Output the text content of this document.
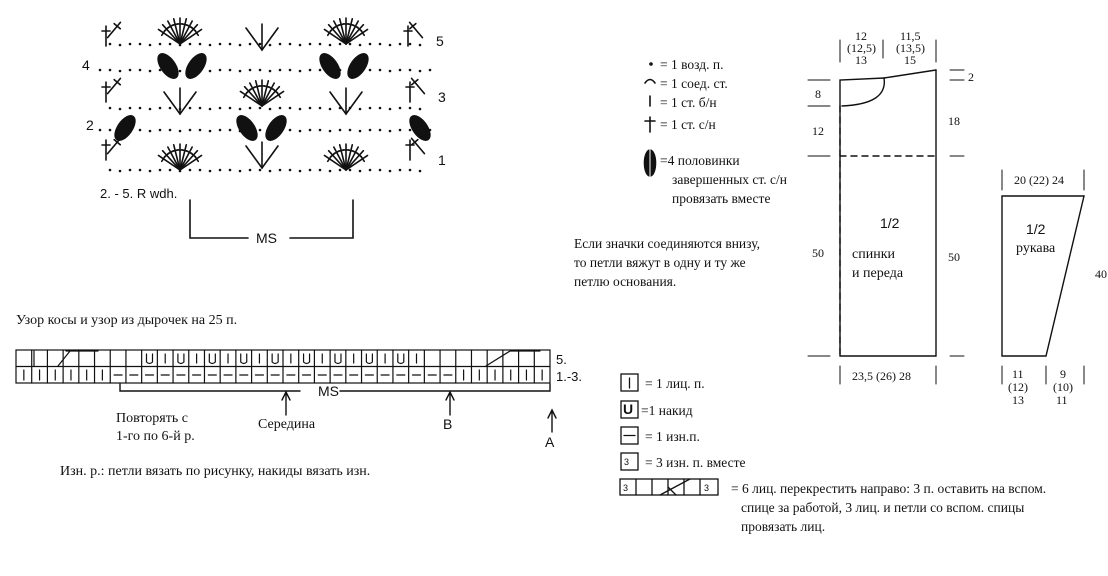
4
2
5
3
1
2. - 5. R wdh.
MS
Узор косы и узор из дырочек на 25 п.
5.
1.-3.
MS
Повторять с
1-го по 6-й р.
Середина	B
A
Изн. р.: петли вязать по рисунку, накиды вязать изн.
= 1 возд. п.
= 1 соед. ст.
= 1 ст. б/н
= 1 ст. с/н
=4 половинки
завершенных ст. с/н
провязать вместе
Если значки соединяются внизу,
то петли вяжут в одну и ту же
петлю основания.
= 1 лиц. п.
U =1 накид
= 1 изн.п.
3 = 3 изн. п. вместе
3	3 = 6 лиц. перекрестить направо: 3 п. оставить на вспом.
спице за работой, 3 лиц. и петли со вспом. спицы
провязать лиц.
12
(12,5)
13
11,5
(13,5)
15
2
8
12
18
50	50
1/2
спинки
и переда
23,5 (26) 28
20 (22) 24
1/2
рукава
40
11
(12)
13
9
(10)
11
